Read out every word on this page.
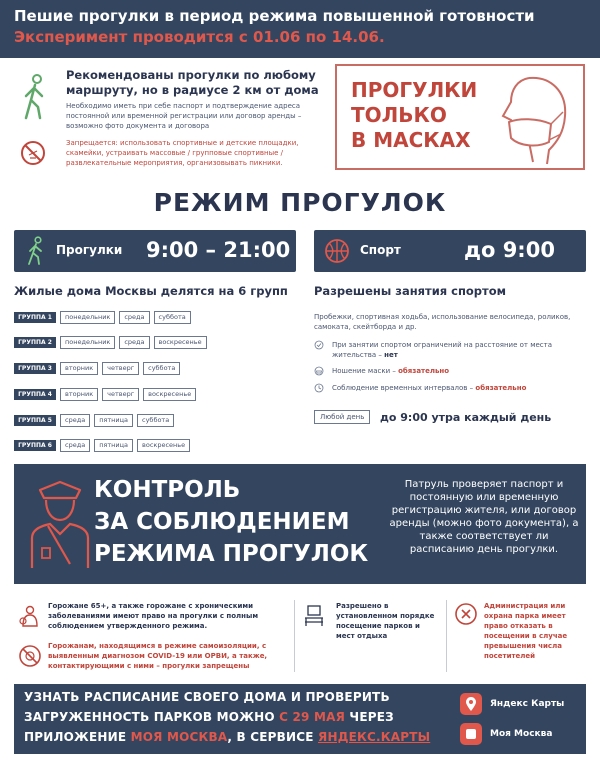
Пешие прогулки в период режима повышенной готовности
Эксперимент проводится с 01.06 по 14.06.
Рекомендованы прогулки по любому маршруту, но в радиусе 2 км от дома
Необходимо иметь при себе паспорт и подтверждение адреса постоянной или временной регистрации или договор аренды – возможно фото документа и договора
Запрещается: использовать спортивные и детские площадки, скамейки, устраивать массовые / групповые спортивные / развлекательные мероприятия, организовывать пикники.
ПРОГУЛКИ
ТОЛЬКО
В МАСКАХ
РЕЖИМ ПРОГУЛОК
Прогулки 9:00 – 21:00	Спорт	до 9:00
Жилые дома Москвы делятся на 6 групп
ГРУППА 1	понедельник	среда	суббота
ГРУППА 2	понедельник	среда	воскресенье
ГРУППА 3	вторник	четверг	суббота
ГРУППА 4	вторник	четверг	воскресенье
ГРУППА 5	среда	пятница	суббота
ГРУППА 6	среда	пятница	воскресенье
Разрешены занятия спортом
Пробежки, спортивная ходьба, использование велосипеда, роликов, самоката, скейтборда и др.
При занятии спортом ограничений на расстояние от места жительства – нет
Ношение маски – обязательно
Соблюдение временных интервалов – обязательно
Любой день	до 9:00 утра каждый день
КОНТРОЛЬ
ЗА СОБЛЮДЕНИЕМ
РЕЖИМА ПРОГУЛОК
Патруль проверяет паспорт и постоянную или временную регистрацию жителя, или договор аренды (можно фото документа), а также соответствует ли расписанию день прогулки.
Горожане 65+, а также горожане с хроническими заболеваниями имеют право на прогулки с полным соблюдением утвержденного режима.
Горожанам, находящимся в режиме самоизоляции, с выявленным диагнозом COVID-19 или ОРВИ, а также, контактирующими с ними – прогулки запрещены
Разрешено в установленном порядке посещение парков и мест отдыха
Администрация или охрана парка имеет право отказать в посещении в случае превышения числа посетителей
УЗНАТЬ РАСПИСАНИЕ СВОЕГО ДОМА И ПРОВЕРИТЬ
ЗАГРУЖЕННОСТЬ ПАРКОВ МОЖНО С 29 МАЯ ЧЕРЕЗ
ПРИЛОЖЕНИЕ МОЯ МОСКВА, В СЕРВИСЕ ЯНДЕКС.КАРТЫ
Яндекс Карты
Моя Москва
